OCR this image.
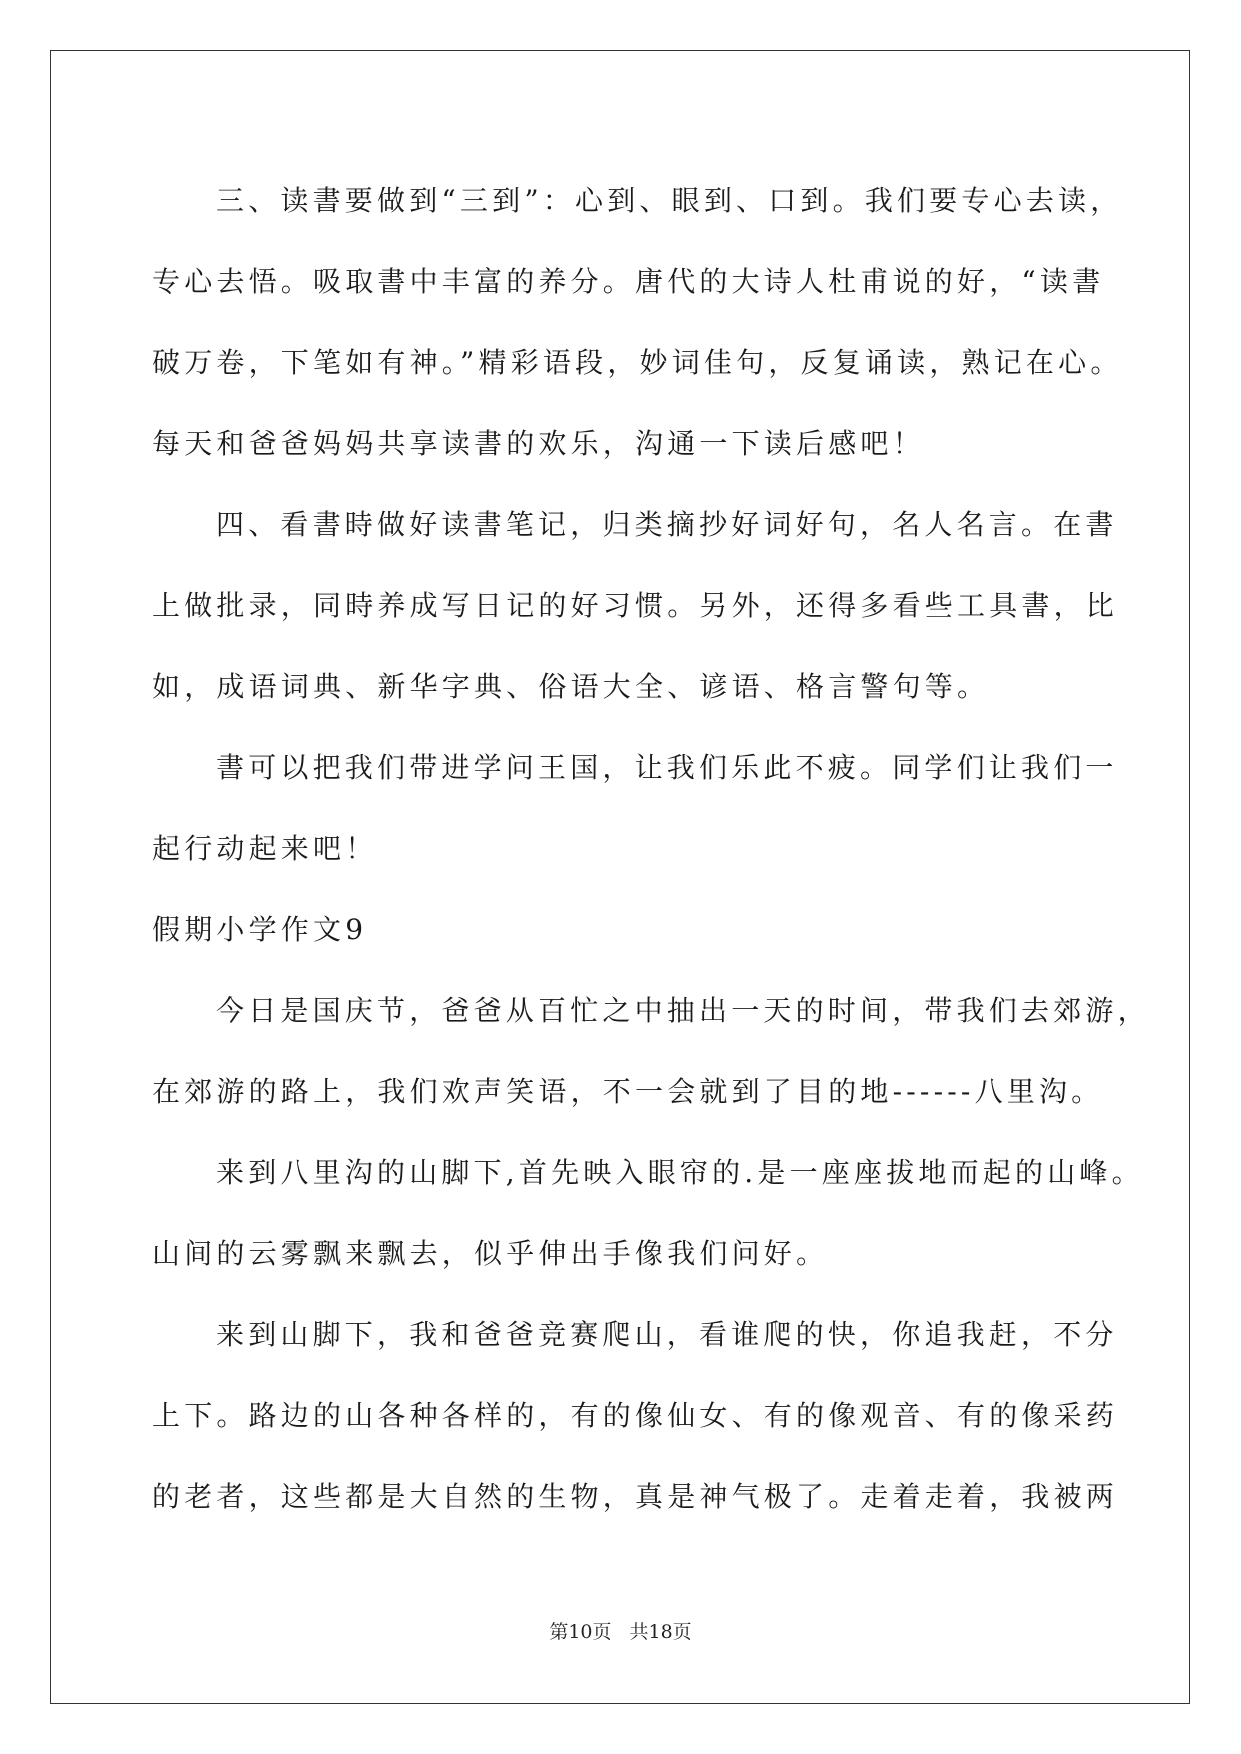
三、读書要做到“三到”：心到、眼到、口到。我们要专心去读，
专心去悟。吸取書中丰富的养分。唐代的大诗人杜甫说的好，“读書
破万卷，下笔如有神。”精彩语段，妙词佳句，反复诵读，熟记在心。
每天和爸爸妈妈共享读書的欢乐，沟通一下读后感吧！
四、看書時做好读書笔记，归类摘抄好词好句，名人名言。在書
上做批录，同時养成写日记的好习惯。另外，还得多看些工具書，比
如，成语词典、新华字典、俗语大全、谚语、格言警句等。
書可以把我们带进学问王国，让我们乐此不疲。同学们让我们一
起行动起来吧！
假期小学作文9
今日是国庆节，爸爸从百忙之中抽出一天的时间，带我们去郊游，
在郊游的路上，我们欢声笑语，不一会就到了目的地------八里沟。
来到八里沟的山脚下,首先映入眼帘的.是一座座拔地而起的山峰。
山间的云雾飘来飘去，似乎伸出手像我们问好。
来到山脚下，我和爸爸竞赛爬山，看谁爬的快，你追我赶，不分
上下。路边的山各种各样的，有的像仙女、有的像观音、有的像采药
的老者，这些都是大自然的生物，真是神气极了。走着走着，我被两
第10页 共18页
